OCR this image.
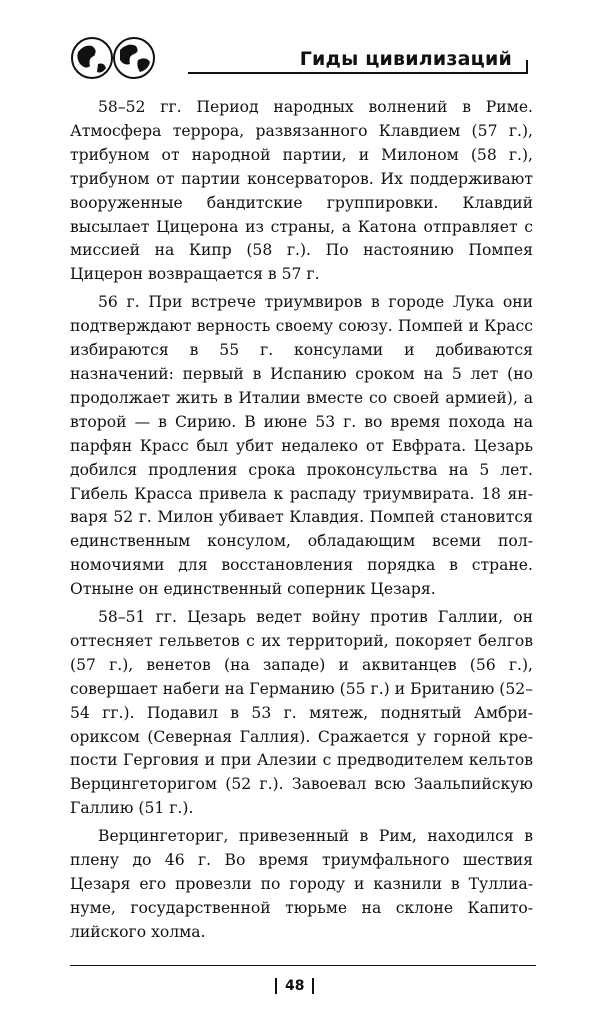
Гиды цивилизаций

58–52 гг. Период народных волнений в Риме. Атмосфера террора, развязанного Клавдием (57 г.), трибуном от народной партии, и Милоном (58 г.), трибуном от партии консерваторов. Их поддерживают вооруженные бандитские группировки. Клавдий высылает Цицерона из страны, а Катона отправляет с миссией на Кипр (58 г.). По настоянию Помпея Цицерон возвращается в 57 г.

56 г. При встрече триумвиров в городе Лука они подтверждают верность своему союзу. Помпей и Красс избираются в 55 г. консулами и добиваются назначений: первый в Испанию сроком на 5 лет (но продолжает жить в Италии вместе со своей армией), а второй — в Сирию. В июне 53 г. во время похода на парфян Красс был убит недалеко от Евфрата. Цезарь добился продления срока проконсульства на 5 лет. Гибель Красса привела к распаду триумвирата. 18 января 52 г. Милон убивает Клавдия. Помпей становится единственным консулом, обладающим всеми полномочиями для восстановления порядка в стране. Отныне он единственный соперник Цезаря.

58–51 гг. Цезарь ведет войну против Галлии, он оттесняет гельветов с их территорий, покоряет белгов (57 г.), венетов (на западе) и аквитанцев (56 г.), совершает набеги на Германию (55 г.) и Британию (52–54 гг.). Подавил в 53 г. мятеж, поднятый Амбриориксом (Северная Галлия). Сражается у горной крепости Герговия и при Алезии с предводителем кельтов Верцингеторигом (52 г.). Завоевал всю Заальпийскую Галлию (51 г.).

Верцингеториг, привезенный в Рим, находился в плену до 46 г. Во время триумфального шествия Цезаря его провезли по городу и казнили в Туллиануме, государственной тюрьме на склоне Капитолийского холма.

48
